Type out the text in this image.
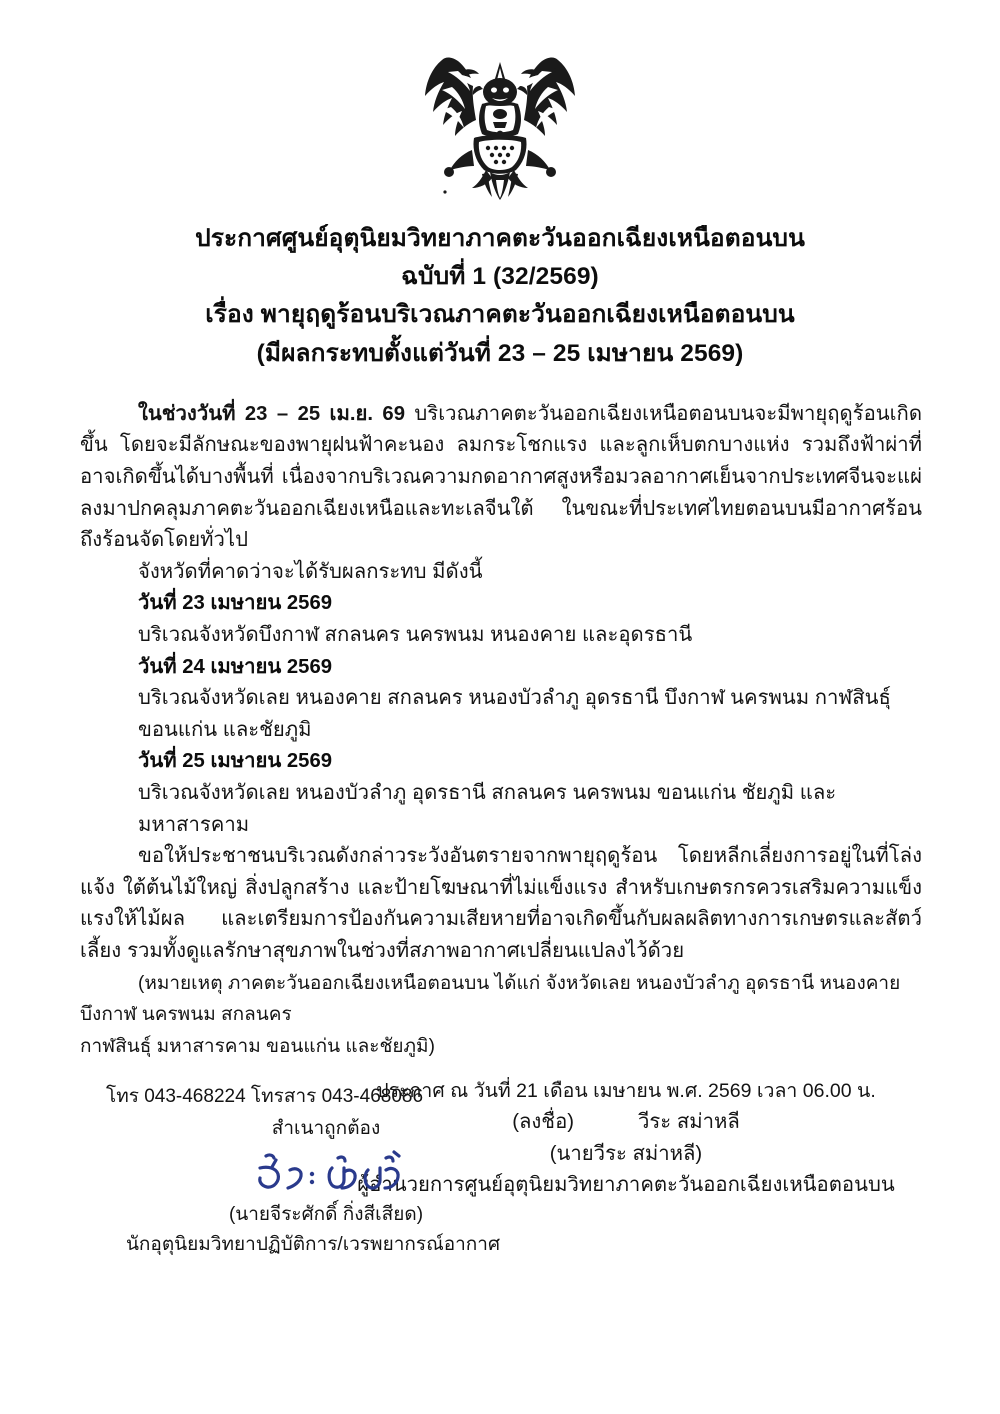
ประกาศศูนย์อุตุนิยมวิทยาภาคตะวันออกเฉียงเหนือตอนบน
ฉบับที่ 1 (32/2569)
เรื่อง พายุฤดูร้อนบริเวณภาคตะวันออกเฉียงเหนือตอนบน
(มีผลกระทบตั้งแต่วันที่ 23 – 25 เมษายน 2569)

ในช่วงวันที่ 23 – 25 เม.ย. 69 บริเวณภาคตะวันออกเฉียงเหนือตอนบนจะมีพายุฤดูร้อนเกิดขึ้น โดยจะมีลักษณะของพายุฝนฟ้าคะนอง ลมกระโชกแรง และลูกเห็บตกบางแห่ง รวมถึงฟ้าผ่าที่อาจเกิดขึ้นได้บางพื้นที่ เนื่องจากบริเวณความกดอากาศสูงหรือมวลอากาศเย็นจากประเทศจีนจะแผ่ลงมาปกคลุมภาคตะวันออกเฉียงเหนือและทะเลจีนใต้ ในขณะที่ประเทศไทยตอนบนมีอากาศร้อนถึงร้อนจัดโดยทั่วไป

จังหวัดที่คาดว่าจะได้รับผลกระทบ มีดังนี้

วันที่ 23 เมษายน 2569

บริเวณจังหวัดบึงกาฬ สกลนคร นครพนม หนองคาย และอุดรธานี

วันที่ 24 เมษายน 2569

บริเวณจังหวัดเลย หนองคาย สกลนคร หนองบัวลำภู อุดรธานี บึงกาฬ นครพนม กาฬสินธุ์ ขอนแก่น และชัยภูมิ

วันที่ 25 เมษายน 2569

บริเวณจังหวัดเลย หนองบัวลำภู อุดรธานี สกลนคร นครพนม ขอนแก่น ชัยภูมิ และมหาสารคาม

ขอให้ประชาชนบริเวณดังกล่าวระวังอันตรายจากพายุฤดูร้อน โดยหลีกเลี่ยงการอยู่ในที่โล่งแจ้ง ใต้ต้นไม้ใหญ่ สิ่งปลูกสร้าง และป้ายโฆษณาที่ไม่แข็งแรง สำหรับเกษตรกรควรเสริมความแข็งแรงให้ไม้ผล และเตรียมการป้องกันความเสียหายที่อาจเกิดขึ้นกับผลผลิตทางการเกษตรและสัตว์เลี้ยง รวมทั้งดูแลรักษาสุขภาพในช่วงที่สภาพอากาศเปลี่ยนแปลงไว้ด้วย

(หมายเหตุ ภาคตะวันออกเฉียงเหนือตอนบน ได้แก่ จังหวัดเลย หนองบัวลำภู อุดรธานี หนองคาย บึงกาฬ นครพนม สกลนคร
กาฬสินธุ์ มหาสารคาม ขอนแก่น และชัยภูมิ)

ประกาศ ณ วันที่ 21 เดือน เมษายน พ.ศ. 2569 เวลา 06.00 น.
(ลงชื่อ)	วีระ สม่าหลี
(นายวีระ สม่าหลี)
ผู้อำนวยการศูนย์อุตุนิยมวิทยาภาคตะวันออกเฉียงเหนือตอนบน
โทร 043-468224 โทรสาร 043-468086
สำเนาถูกต้อง
(นายจีระศักดิ์ กิ่งสีเสียด)
นักอุตุนิยมวิทยาปฏิบัติการ/เวรพยากรณ์อากาศ
